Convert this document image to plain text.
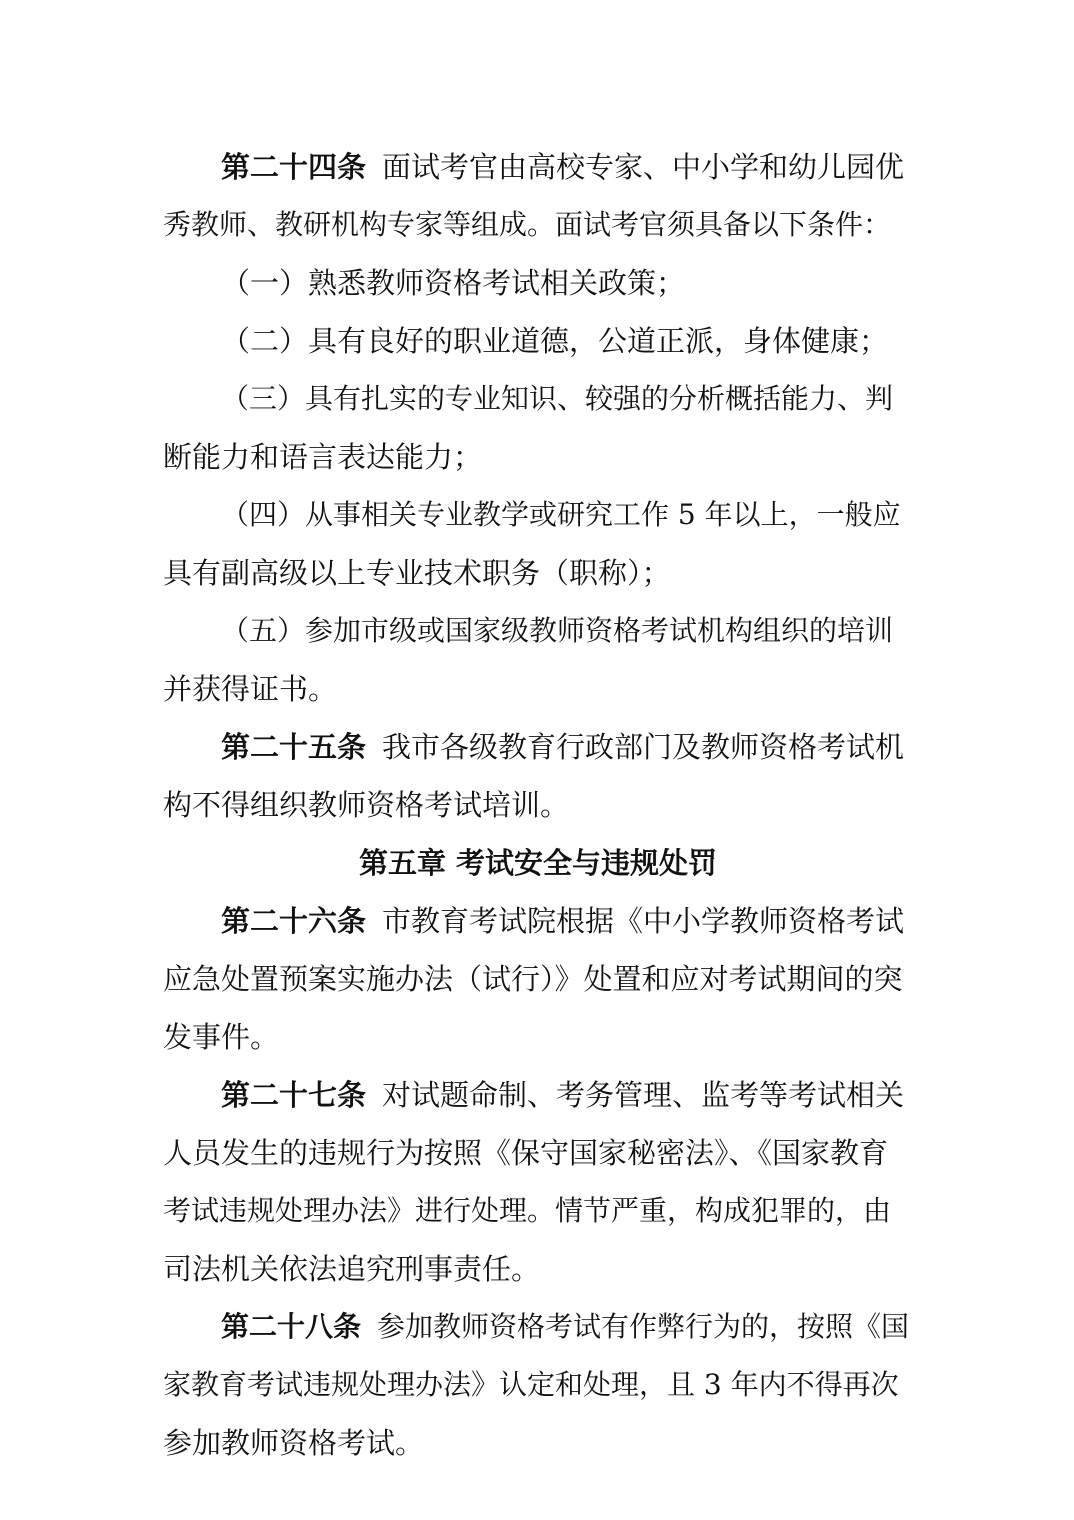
第二十四条 面试考官由高校专家、中小学和幼儿园优
秀教师、教研机构专家等组成。面试考官须具备以下条件：
（一）熟悉教师资格考试相关政策；
（二）具有良好的职业道德，公道正派，身体健康；
（三）具有扎实的专业知识、较强的分析概括能力、判
断能力和语言表达能力；
（四）从事相关专业教学或研究工作 5 年以上，一般应
具有副高级以上专业技术职务（职称）；
（五）参加市级或国家级教师资格考试机构组织的培训
并获得证书。
第二十五条 我市各级教育行政部门及教师资格考试机
构不得组织教师资格考试培训。
第五章 考试安全与违规处罚
第二十六条 市教育考试院根据《中小学教师资格考试
应急处置预案实施办法（试行）》处置和应对考试期间的突
发事件。
第二十七条 对试题命制、考务管理、监考等考试相关
人员发生的违规行为按照《保守国家秘密法》、《国家教育
考试违规处理办法》进行处理。情节严重，构成犯罪的，由
司法机关依法追究刑事责任。
第二十八条 参加教师资格考试有作弊行为的，按照《国
家教育考试违规处理办法》认定和处理，且 3 年内不得再次
参加教师资格考试。
